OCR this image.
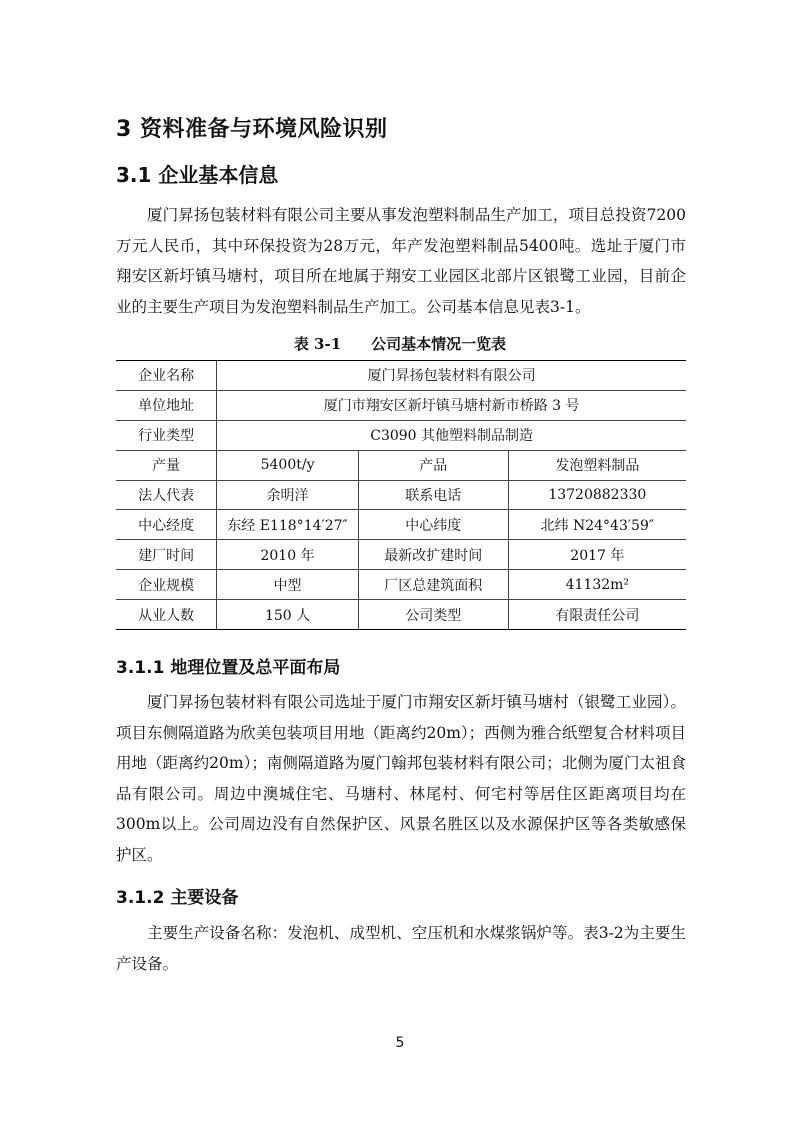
3 资料准备与环境风险识别
3.1 企业基本信息

厦门昇扬包装材料有限公司主要从事发泡塑料制品生产加工，项目总投资7200万元人民币，其中环保投资为28万元，年产发泡塑料制品5400吨。选址于厦门市翔安区新圩镇马塘村，项目所在地属于翔安工业园区北部片区银鹭工业园，目前企业的主要生产项目为发泡塑料制品生产加工。公司基本信息见表3-1。

表 3-1 公司基本情况一览表
企业名称	厦门昇扬包装材料有限公司		
单位地址	厦门市翔安区新圩镇马塘村新市桥路 3 号		
行业类型	C3090 其他塑料制品制造		
产量	5400t/y	产品	发泡塑料制品
法人代表	余明洋	联系电话	13720882330
中心经度	东经 E118°14′27″	中心纬度	北纬 N24°43′59″
建厂时间	2010 年	最新改扩建时间	2017 年
企业规模	中型	厂区总建筑面积	41132m²
从业人数	150 人	公司类型	有限责任公司
3.1.1 地理位置及总平面布局

厦门昇扬包装材料有限公司选址于厦门市翔安区新圩镇马塘村（银鹭工业园）。项目东侧隔道路为欣美包装项目用地（距离约20m）；西侧为雅合纸塑复合材料项目用地（距离约20m）；南侧隔道路为厦门翰邦包装材料有限公司；北侧为厦门太祖食品有限公司。周边中澳城住宅、马塘村、林尾村、何宅村等居住区距离项目均在300m以上。公司周边没有自然保护区、风景名胜区以及水源保护区等各类敏感保护区。

3.1.2 主要设备

主要生产设备名称：发泡机、成型机、空压机和水煤浆锅炉等。表3-2为主要生产设备。

5
